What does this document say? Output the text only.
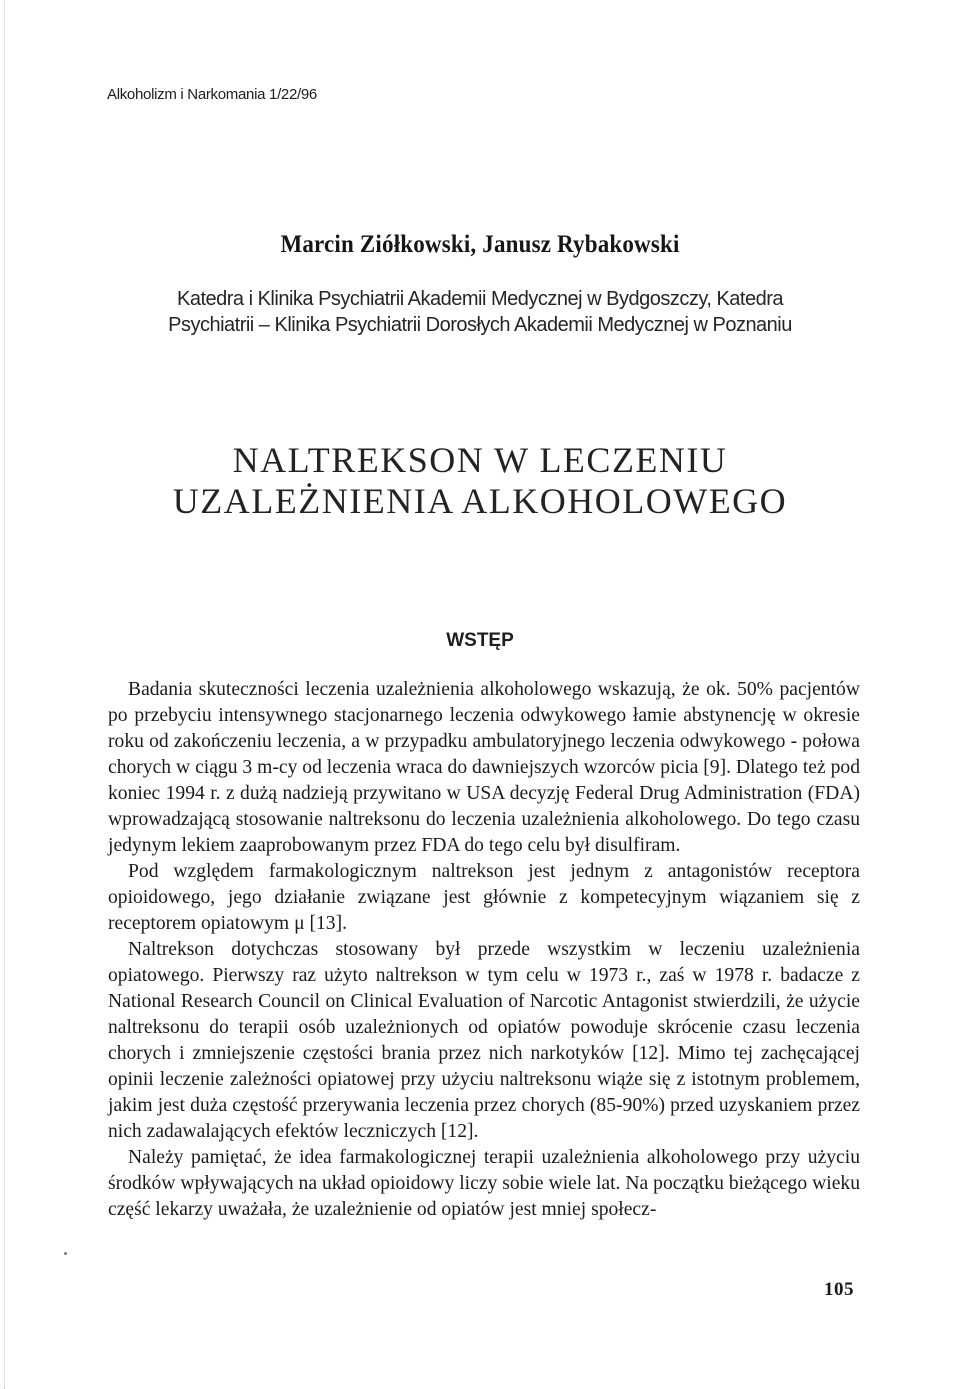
Alkoholizm i Narkomania 1/22/96
Marcin Ziółkowski, Janusz Rybakowski
Katedra i Klinika Psychiatrii Akademii Medycznej w Bydgoszczy, Katedra
Psychiatrii – Klinika Psychiatrii Dorosłych Akademii Medycznej w Poznaniu
NALTREKSON W LECZENIU
UZALEŻNIENIA ALKOHOLOWEGO
WSTĘP

Badania skuteczności leczenia uzależnienia alkoholowego wskazują, że ok. 50% pacjentów po przebyciu intensywnego stacjonarnego leczenia odwykowego łamie abstynencję w okresie roku od zakończeniu leczenia, a w przypadku ambulatoryjnego leczenia odwykowego - połowa chorych w ciągu 3 m-cy od leczenia wraca do dawniejszych wzorców picia [9]. Dlatego też pod koniec 1994 r. z dużą nadzieją przywitano w USA decyzję Federal Drug Administration (FDA) wprowadzającą stosowanie naltreksonu do leczenia uzależnienia alkoholowego. Do tego czasu jedynym lekiem zaaprobowanym przez FDA do tego celu był disulfiram.

Pod względem farmakologicznym naltrekson jest jednym z antagonistów receptora opioidowego, jego działanie związane jest głównie z kompetecyjnym wiązaniem się z receptorem opiatowym μ [13].

Naltrekson dotychczas stosowany był przede wszystkim w leczeniu uzależnienia opiatowego. Pierwszy raz użyto naltrekson w tym celu w 1973 r., zaś w 1978 r. badacze z National Research Council on Clinical Evaluation of Narcotic Antagonist stwierdzili, że użycie naltreksonu do terapii osób uzależnionych od opiatów powoduje skrócenie czasu leczenia chorych i zmniejszenie częstości brania przez nich narkotyków [12]. Mimo tej zachęcającej opinii leczenie zależności opiatowej przy użyciu naltreksonu wiąże się z istotnym problemem, jakim jest duża częstość przerywania leczenia przez chorych (85-90%) przed uzyskaniem przez nich zadawalających efektów leczniczych [12].

Należy pamiętać, że idea farmakologicznej terapii uzależnienia alkoholowego przy użyciu środków wpływających na układ opioidowy liczy sobie wiele lat. Na początku bieżącego wieku część lekarzy uważała, że uzależnienie od opiatów jest mniej społecz-

105
